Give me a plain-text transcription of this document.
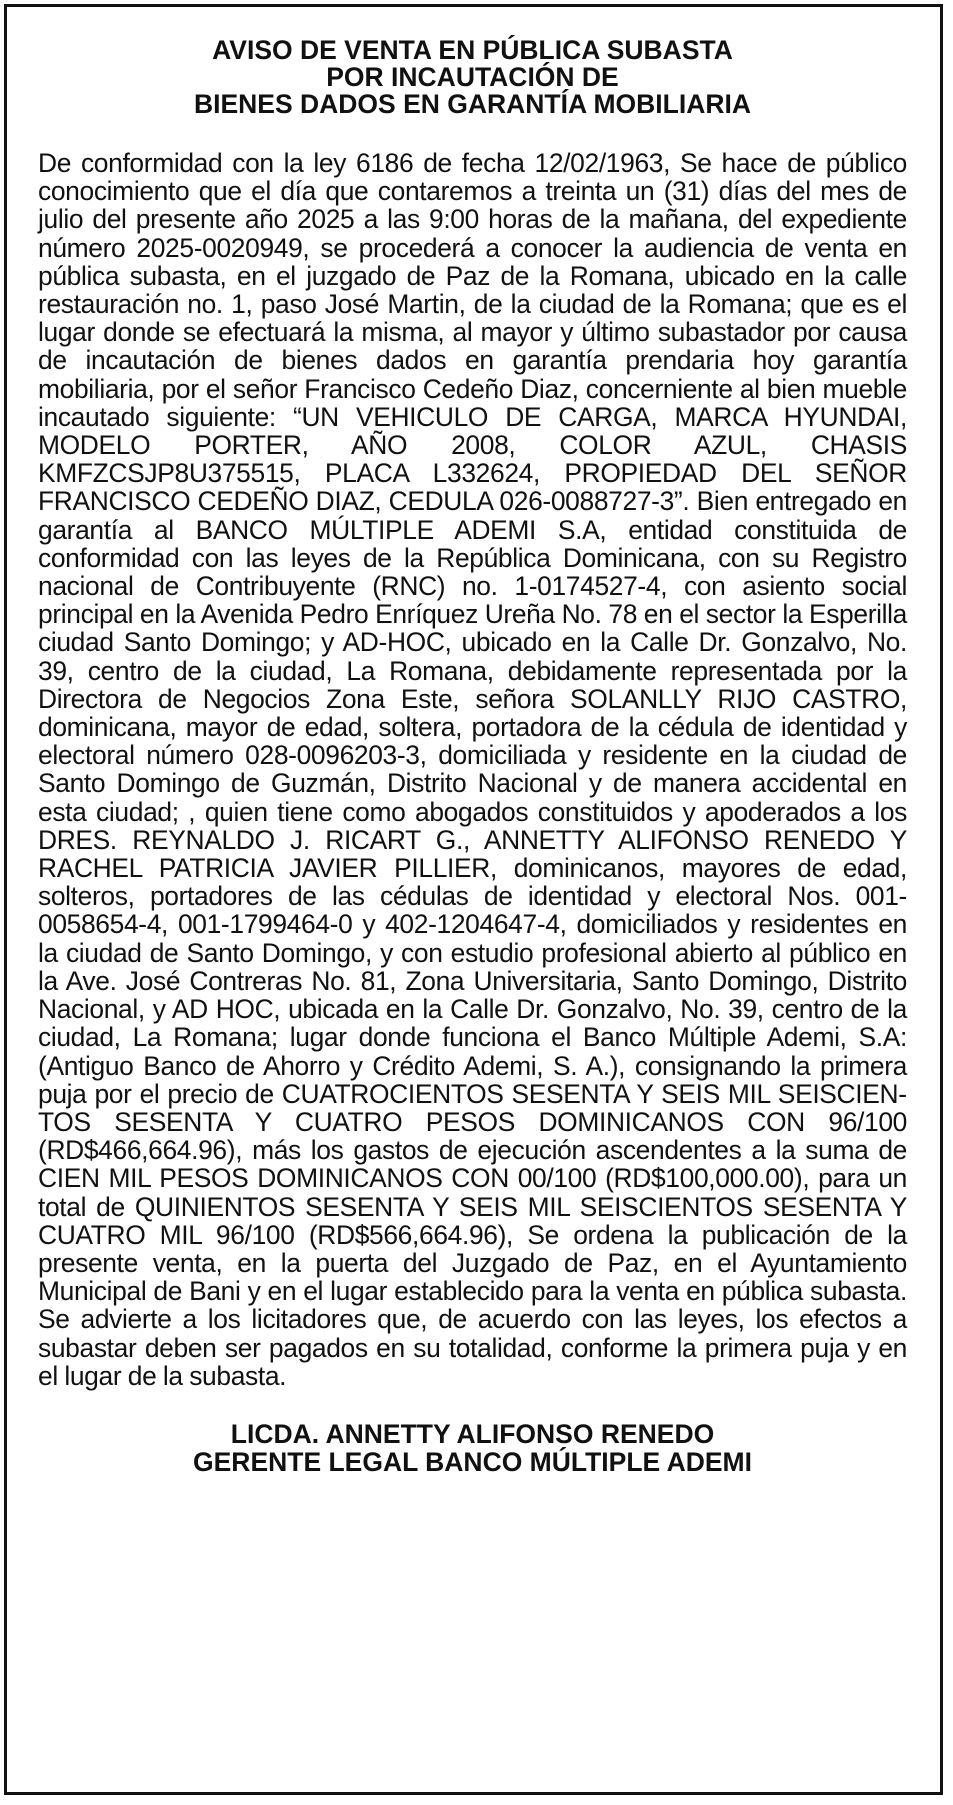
AVISO DE VENTA EN PÚBLICA SUBASTA
POR INCAUTACIÓN DE
BIENES DADOS EN GARANTÍA MOBILIARIA

De conformidad con la ley 6186 de fecha 12/02/1963, Se hace de público conocimiento que el día que contaremos a treinta un (31) días del mes de julio del presente año 2025 a las 9:00 horas de la mañana, del expediente número 2025-0020949, se procederá a conocer la audiencia de venta en pública subasta, en el juzgado de Paz de la Romana, ubicado en la calle restauración no. 1, paso José Martin, de la ciudad de la Romana; que es el lugar donde se efectuará la misma, al mayor y último subastador por causa de incautación de bienes dados en garantía prendaria hoy garantía mobiliaria, por el señor Francisco Cedeño Diaz, concerniente al bien mueble incautado siguiente: “UN VEHICULO DE CARGA, MARCA HYUNDAI, MODELO PORTER, AÑO 2008, COLOR AZUL, CHASIS KMFZCSJP8U375515, PLACA L332624, PROPIEDAD DEL SEÑOR FRANCISCO CEDEÑO DIAZ, CEDULA 026-0088727-3”. Bien entregado en garantía al BANCO MÚLTIPLE ADEMI S.A, entidad constituida de conformidad con las leyes de la República Dominicana, con su Registro nacional de Contribuyente (RNC) no. 1-0174527-4, con asiento social principal en la Avenida Pedro Enríquez Ureña No. 78 en el sector la Esperilla ciudad Santo Domingo; y AD-HOC, ubicado en la Calle Dr. Gonzalvo, No. 39, centro de la ciudad, La Romana, debidamente representada por la Directora de Negocios Zona Este, señora SOLANLLY RIJO CASTRO, dominicana, mayor de edad, soltera, portadora de la cédula de identidad y electoral número 028-0096203-3, domiciliada y residente en la ciudad de Santo Domingo de Guzmán, Distrito Nacional y de manera accidental en esta ciudad; , quien tiene como abogados constituidos y apoderados a los DRES. REYNALDO J. RICART G., ANNETTY ALIFONSO RENEDO Y RACHEL PATRICIA JAVIER PILLIER, dominicanos, mayores de edad, solteros, portadores de las cédulas de identidad y electoral Nos. 001-0058654-4, 001-1799464-0 y 402-1204647-4, domiciliados y residentes en la ciudad de Santo Domingo, y con estudio profesional abierto al público en la Ave. José Contreras No. 81, Zona Universitaria, Santo Domingo, Distrito Nacional, y AD HOC, ubicada en la Calle Dr. Gonzalvo, No. 39, centro de la ciudad, La Romana; lugar donde funciona el Banco Múltiple Ademi, S.A: (Antiguo Banco de Ahorro y Crédito Ademi, S. A.), consignando la primera puja por el precio de CUATROCIENTOS SESENTA Y SEIS MIL SEISCIENTOS SESENTA Y CUATRO PESOS DOMINICANOS CON 96/100 (RD$466,664.96), más los gastos de ejecución ascendentes a la suma de CIEN MIL PESOS DOMINICANOS CON 00/100 (RD$100,000.00), para un total de QUINIENTOS SESENTA Y SEIS MIL SEISCIENTOS SESENTA Y CUATRO MIL 96/100 (RD$566,664.96), Se ordena la publicación de la presente venta, en la puerta del Juzgado de Paz, en el Ayuntamiento Municipal de Bani y en el lugar establecido para la venta en pública subasta. Se advierte a los licitadores que, de acuerdo con las leyes, los efectos a subastar deben ser pagados en su totalidad, conforme la primera puja y en el lugar de la subasta.

LICDA. ANNETTY ALIFONSO RENEDO
GERENTE LEGAL BANCO MÚLTIPLE ADEMI
